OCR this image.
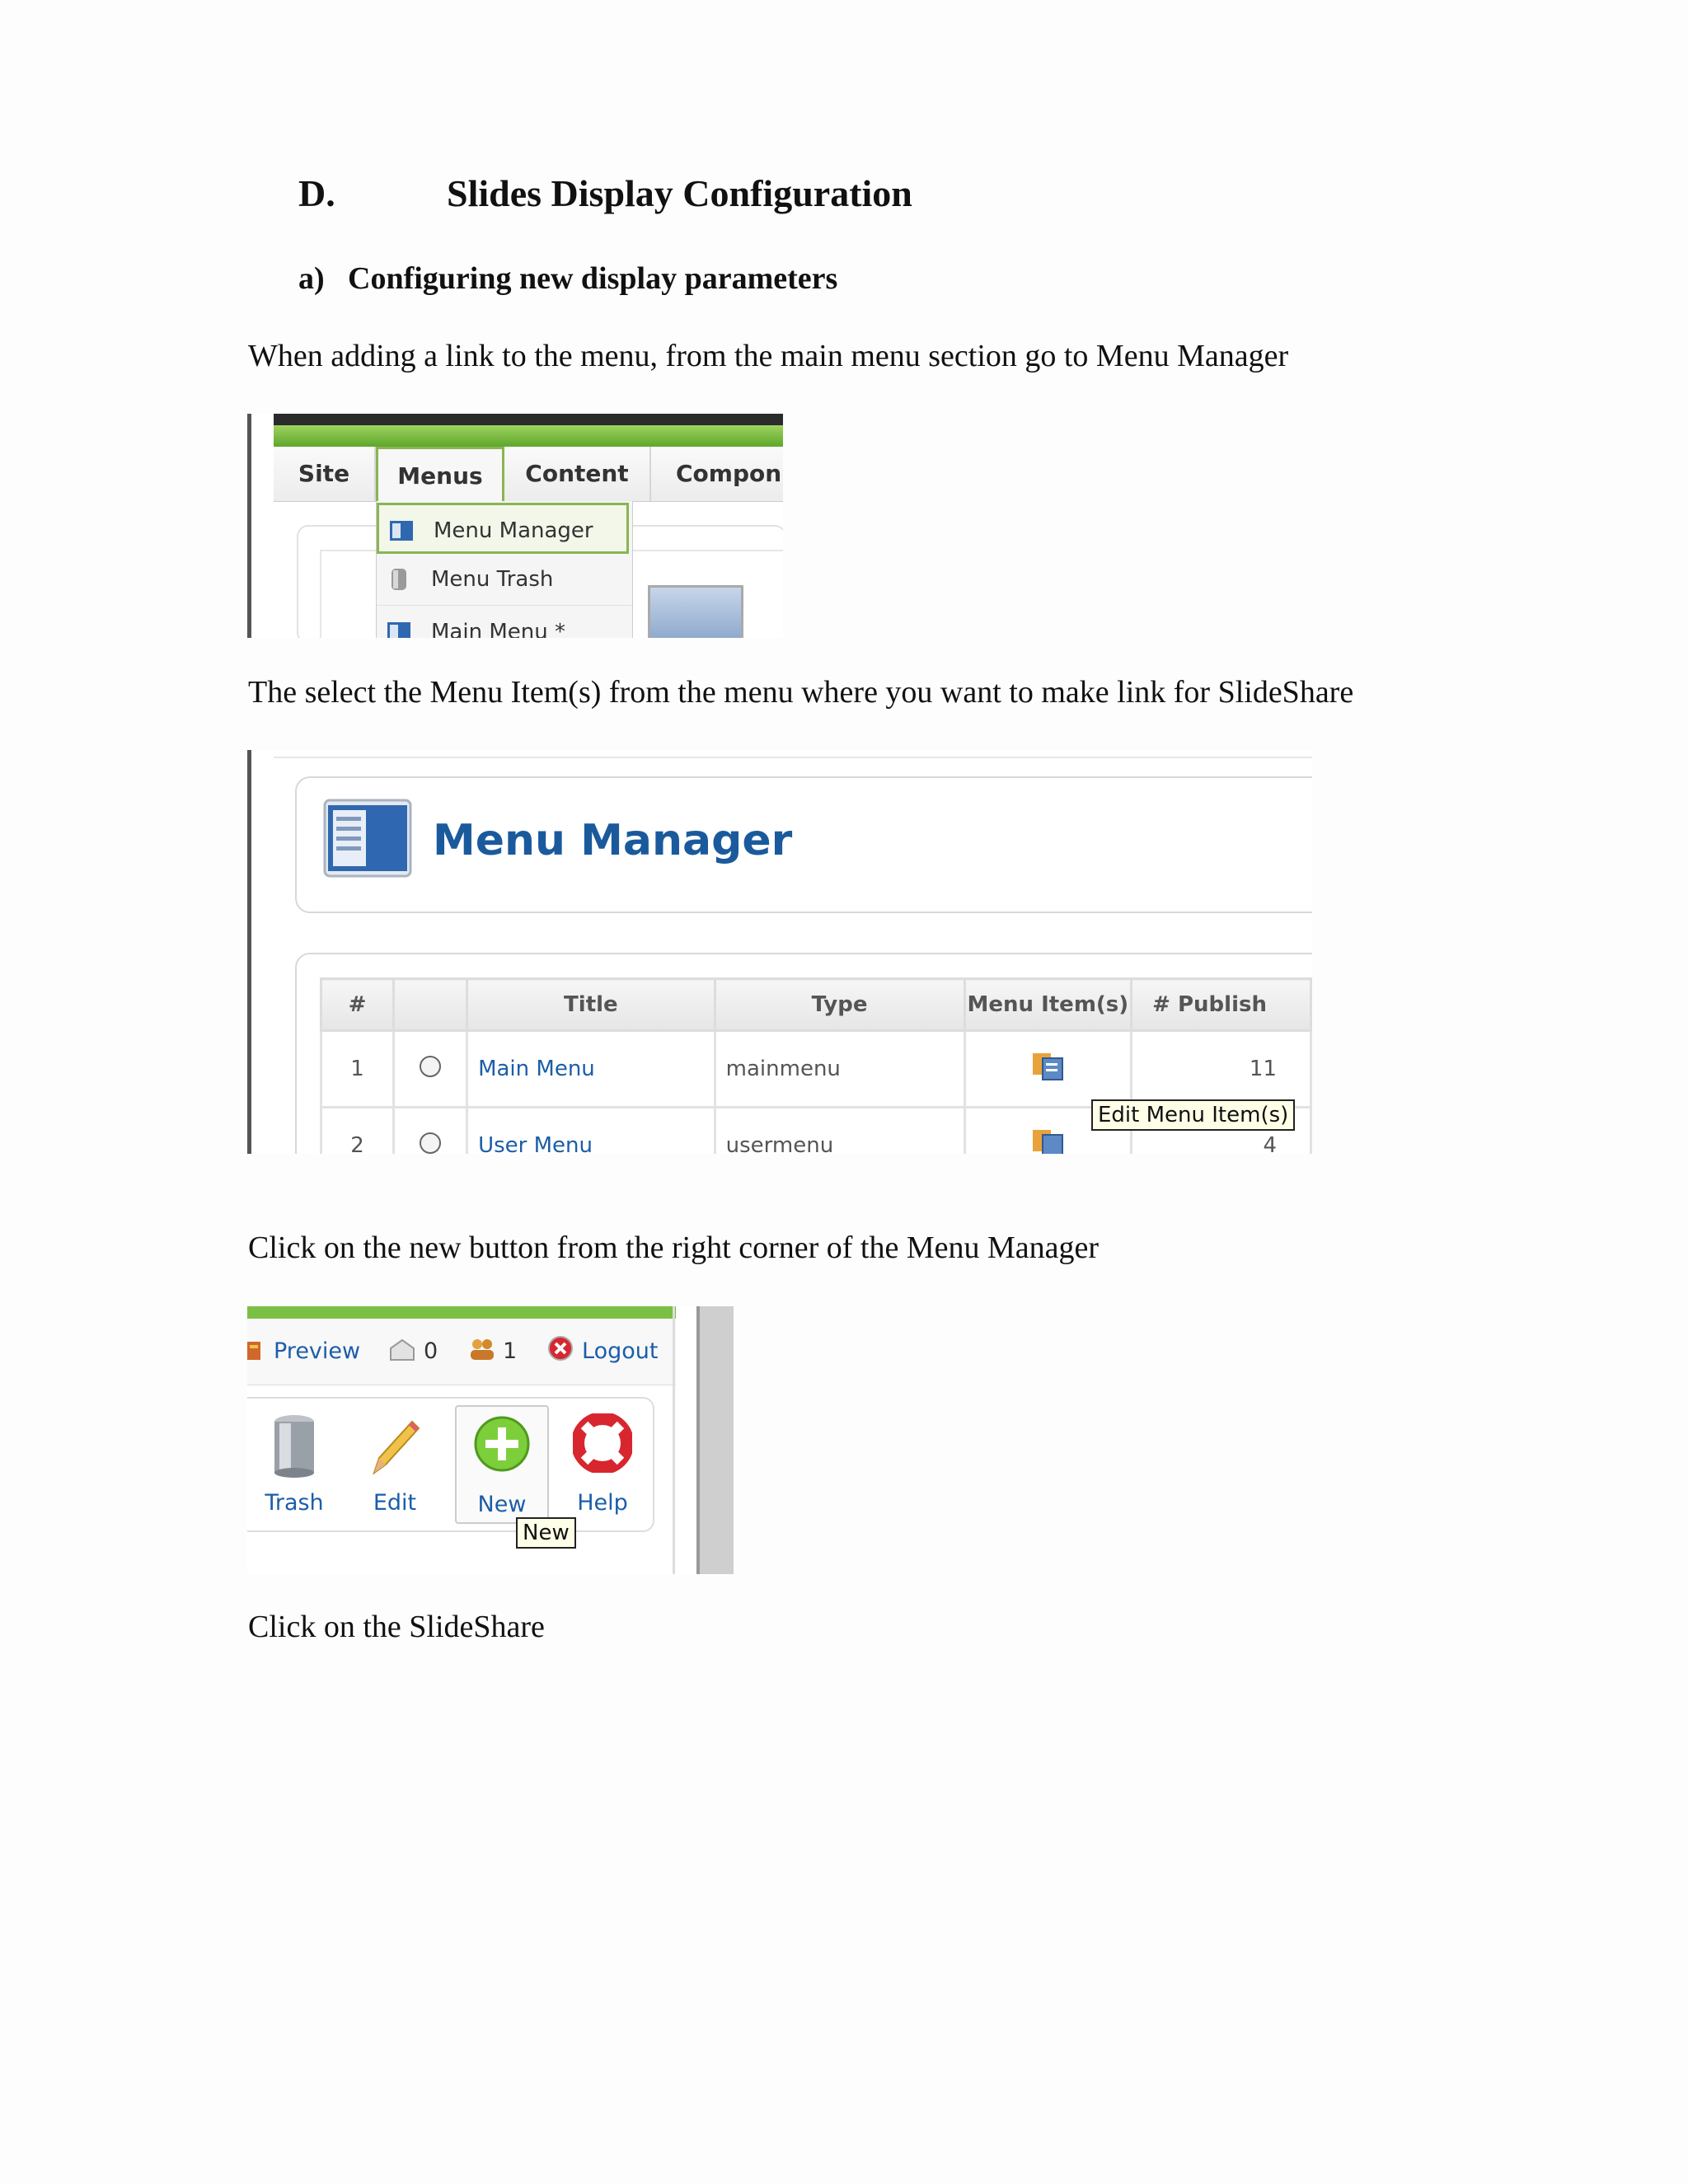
D.	Slides Display Configuration
a) Configuring new display parameters
When adding a link to the menu, from the main menu section go to Menu Manager
Site	Menus	Content	Compon
Menu Manager
Menu Trash
Main Menu *
The select the Menu Item(s) from the menu where you want to make link for SlideShare
Menu Manager
#		Title	Type	Menu Item(s)	# Publish
1		Main Menu	mainmenu		11
2		User Menu	usermenu		4
Edit Menu Item(s)
Click on the new button from the right corner of the Menu Manager
Preview	0	1	Logout
Trash	Edit	New	Help
New
Click on the SlideShare
